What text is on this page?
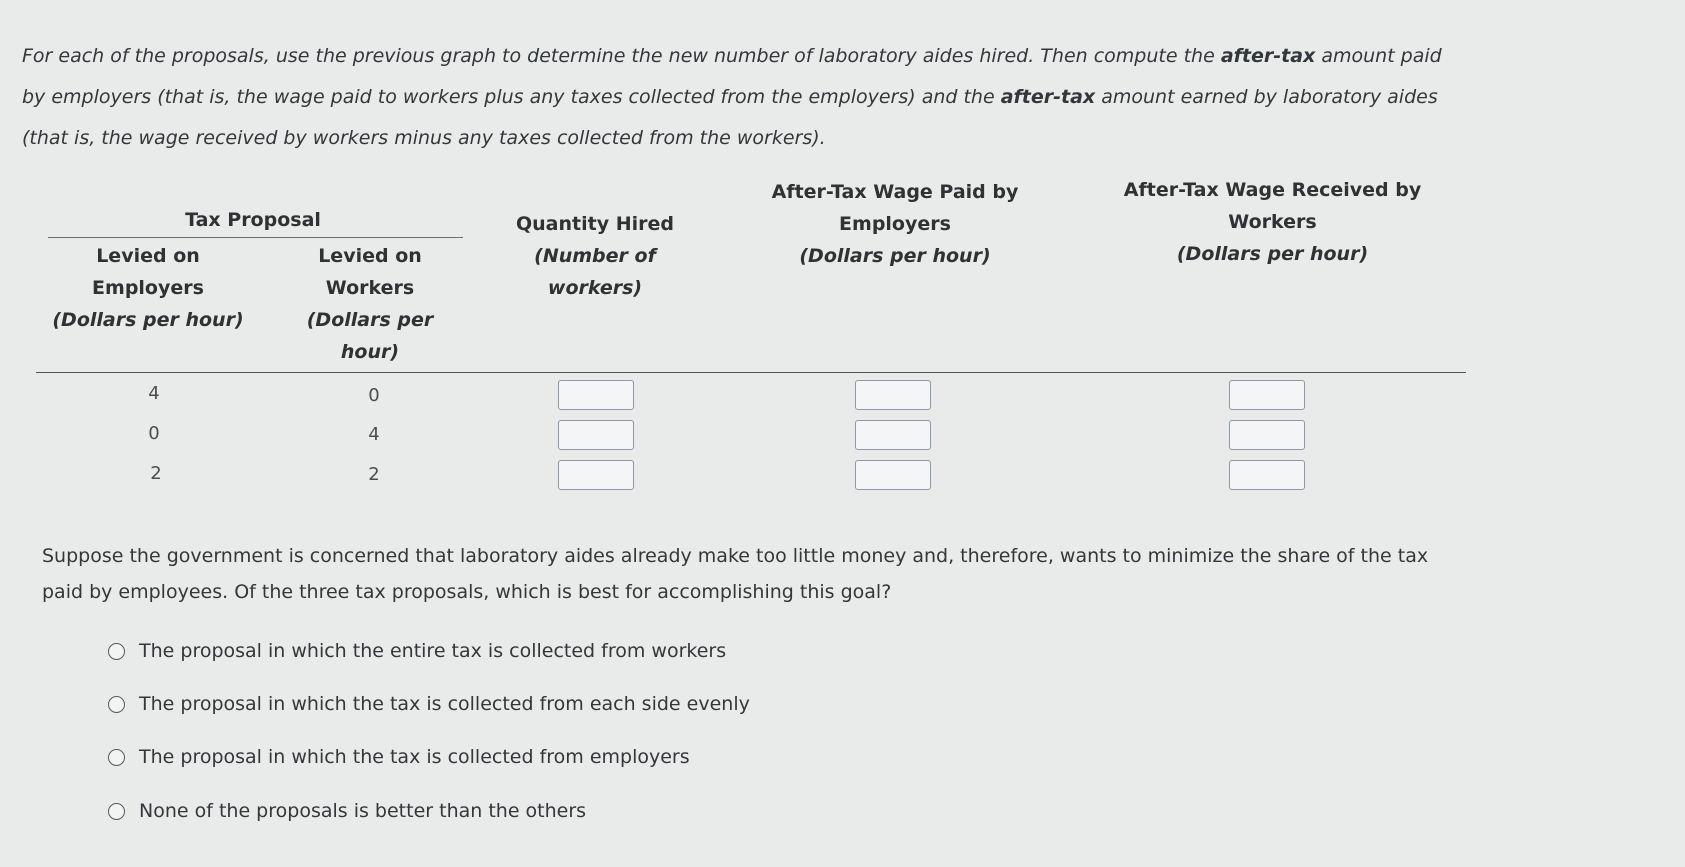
For each of the proposals, use the previous graph to determine the new number of laboratory aides hired. Then compute the after-tax amount paid by employers (that is, the wage paid to workers plus any taxes collected from the employers) and the after-tax amount earned by laboratory aides (that is, the wage received by workers minus any taxes collected from the workers).
Tax Proposal
Levied on
Employers
(Dollars per hour)
Levied on
Workers
(Dollars per
hour)
Quantity Hired
(Number of
workers)
After-Tax Wage Paid by
Employers
(Dollars per hour)
After-Tax Wage Received by
Workers
(Dollars per hour)
4	0
0	4
2	2
Suppose the government is concerned that laboratory aides already make too little money and, therefore, wants to minimize the share of the tax paid by employees. Of the three tax proposals, which is best for accomplishing this goal?
The proposal in which the entire tax is collected from workers
The proposal in which the tax is collected from each side evenly
The proposal in which the tax is collected from employers
None of the proposals is better than the others
